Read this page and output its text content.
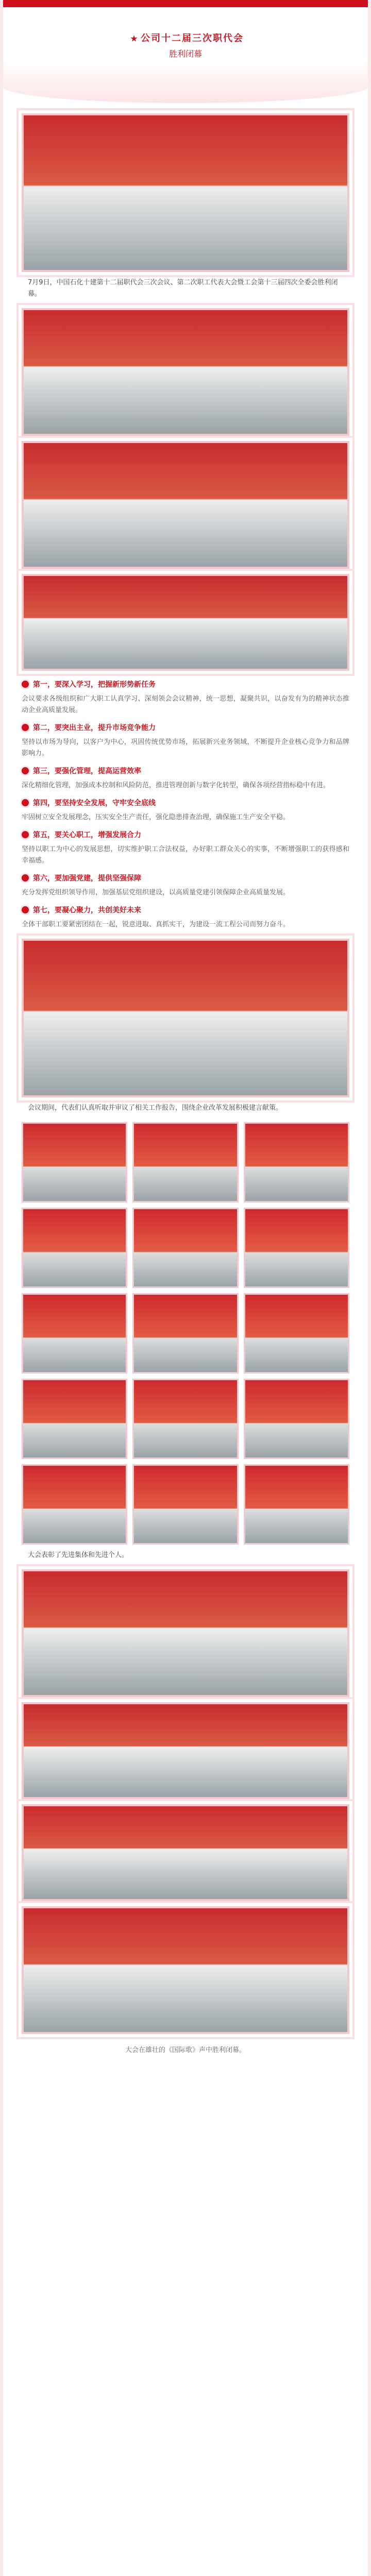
公司十二届三次职代会
胜利闭幕
7月9日，中国石化十建第十二届职代会三次会议、第二次职工代表大会暨工会第十三届四次全委会胜利闭幕。
第一，要深入学习，把握新形势新任务
会议要求各级组织和广大职工认真学习、深刻领会会议精神，统一思想，凝聚共识，以奋发有为的精神状态推动企业高质量发展。
第二，要突出主业，提升市场竞争能力
坚持以市场为导向，以客户为中心，巩固传统优势市场，拓展新兴业务领域，不断提升企业核心竞争力和品牌影响力。
第三，要强化管理，提高运营效率
深化精细化管理，加强成本控制和风险防范，推进管理创新与数字化转型，确保各项经营指标稳中有进。
第四，要坚持安全发展，守牢安全底线
牢固树立安全发展理念，压实安全生产责任，强化隐患排查治理，确保施工生产安全平稳。
第五，要关心职工，增强发展合力
坚持以职工为中心的发展思想，切实维护职工合法权益，办好职工群众关心的实事，不断增强职工的获得感和幸福感。
第六，要加强党建，提供坚强保障
充分发挥党组织领导作用，加强基层党组织建设，以高质量党建引领保障企业高质量发展。
第七，要凝心聚力，共创美好未来
全体干部职工要紧密团结在一起，锐意进取、真抓实干，为建设一流工程公司而努力奋斗。
会议期间，代表们认真听取并审议了相关工作报告，围绕企业改革发展积极建言献策。
大会表彰了先进集体和先进个人。
大会在雄壮的《国际歌》声中胜利闭幕。
